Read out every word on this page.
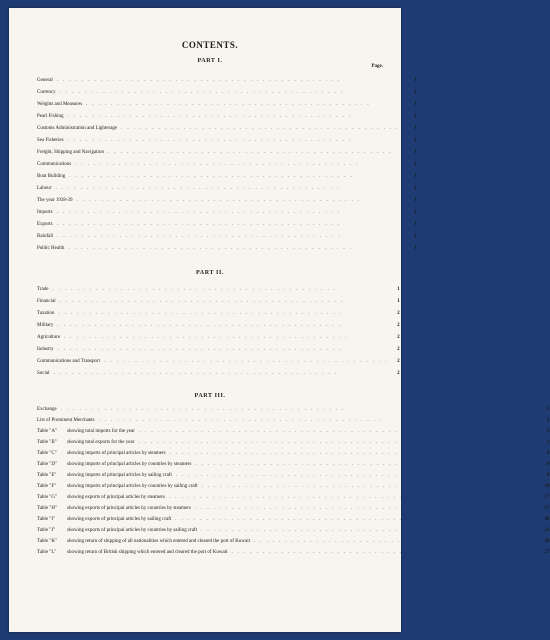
CONTENTS.
PART I.
Page.
General ..............................................	1
Currency ..............................................	1
Weights and Measures ..............................................	1
Pearl Fishing ..............................................	1
Customs Administration and Lighterage ..............................................	1
Sea Fisheries ..............................................	1
Freight, Shipping and Navigation ..............................................	1
Communications ..............................................	1
Boat Building ..............................................	1
Labour ..............................................	1
The year 1938-39 ..............................................	1
Imports ..............................................	1
Exports ..............................................	1
Rainfall ..............................................	1
Public Health ..............................................	1
PART II.
Trade ..............................................	1
Financial ..............................................	1
Taxation ..............................................	2
Military ..............................................	2
Agriculture ..............................................	2
Industry ..............................................	2
Communications and Transport ..............................................	2
Social ..............................................	2
PART III.
Exchange ..............................................	2
List of Prominent Merchants ..............................................	2
Table "A"	showing total imports for the year ..............................................	3
Table "B"	showing total exports for the year ..............................................	3
Table "C"	showing imports of principal articles by steamers ..............................................	4
Table "D"	showing imports of principal articles by countries by steamers ..............................................	6
Table "E"	showing imports of principal articles by sailing craft ..............................................	8
Table "F"	showing imports of principal articles by countries by sailing craft ..............................................	10
Table "G"	showing exports of principal articles by steamers ..............................................	17
Table "H"	showing exports of principal articles by countries by steamers ..............................................	17
Table "I"	showing exports of principal articles by sailing craft ..............................................	20
Table "J"	showing exports of principal articles by countries by sailing craft ..............................................	21
Table "K"	showing return of shipping of all nationalities which entered and cleared the port of Kuwait .............................................. 26
Table "L"	showing return of British shipping which entered and cleared the port of Kuwait ..............................................	27
